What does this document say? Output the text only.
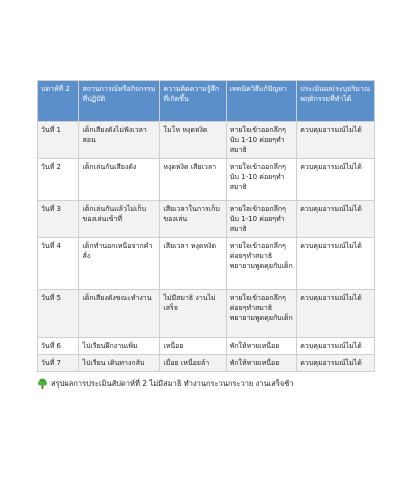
ปดาห์ที่ 2	สถานการณ์หรือกิจกรรมที่ปฏิบัติ	ความคิดความรู้สึกที่เกิดขึ้น	เทคนิควิธีแก้ปัญหา	ประเมินผล(ระบุปริมาณพฤติกรรมที่ทำได้
วันที่ 1	เด็กเสียงดังไม่ฟังเวลาสอน	โมโห หงุดหงิด	หายใจเข้าออกลึกๆ นับ 1-10 ค่อยๆทำสมาธิ	ควบคุมอารมณ์ไม่ได้
วันที่ 2	เด็กเล่นกันเสียงดัง	หงุดหงิด เสียเวลา	หายใจเข้าออกลึกๆ นับ 1-10 ค่อยๆทำสมาธิ	ควบคุมอารมณ์ไม่ได้
วันที่ 3	เด็กเล่นกันแล้วไม่เก็บของเล่นเข้าที่	เสียเวลาในการเก็บของเล่น	หายใจเข้าออกลึกๆ นับ 1-10 ค่อยๆทำสมาธิ	ควบคุมอารมณ์ไม่ได้
วันที่ 4	เด็กทำนอกเหนือจากคำสั่ง	เสียเวลา หงุดหงิด	หายใจเข้าออกลึกๆ ค่อยๆทำสมาธิ พยายามพูดคุยกับเด็ก	ควบคุมอารมณ์ไม่ได้
วันที่ 5	เด็กเสียงดังขณะทำงาน	ไม่มีสมาธิ งานไม่เสร็จ	หายใจเข้าออกลึกๆ ค่อยๆทำสมาธิ พยายามพูดคุยกับเด็ก	ควบคุมอารมณ์ไม่ได้
วันที่ 6	ไปเรียนฝึกงานเพิ่ม	เหนื่อย	พักให้หายเหนื่อย	ควบคุมอารมณ์ไม่ได้
วันที่ 7	ไปเรียน เดินทางกลับ	เมื่อย เหนื่อยล้า	พักให้หายเหนื่อย	ควบคุมอารมณ์ไม่ได้
สรุปผลการประเมินสัปดาห์ที่ 2 ไม่มีสมาธิ ทำงานกระวนกระวาย งานเสร็จช้า
